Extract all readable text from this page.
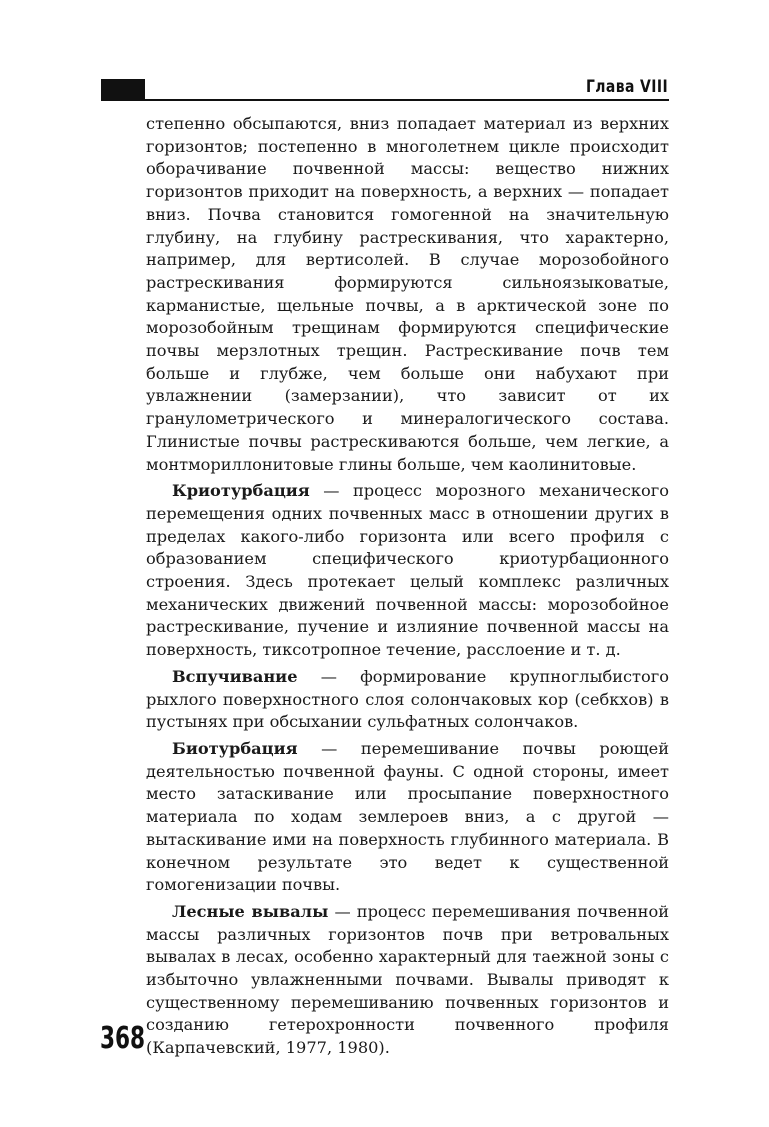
Глава VIII

степенно обсыпаются, вниз попадает материал из верхних горизонтов; постепенно в многолетнем цикле происходит оборачивание почвенной массы: вещество нижних горизонтов приходит на поверхность, а верхних — попадает вниз. Почва становится гомогенной на значительную глубину, на глубину растрескивания, что характерно, например, для вертисолей. В случае морозобойного растрескивания формируются сильноязыковатые, карманистые, щельные почвы, а в арктической зоне по морозобойным трещинам формируются специфические почвы мерзлотных трещин. Растрескивание почв тем больше и глубже, чем больше они набухают при увлажнении (замерзании), что зависит от их гранулометрического и минералогического состава. Глинистые почвы растрескиваются больше, чем легкие, а монтмориллонитовые глины больше, чем каолинитовые.

Криотурбация — процесс морозного механического перемещения одних почвенных масс в отношении других в пределах какого-либо горизонта или всего профиля с образованием специфического криотурбационного строения. Здесь протекает целый комплекс различных механических движений почвенной массы: морозобойное растрескивание, пучение и излияние почвенной массы на поверхность, тиксотропное течение, расслоение и т. д.

Вспучивание — формирование крупноглыбистого рыхлого поверхностного слоя солончаковых кор (себкхов) в пустынях при обсыхании сульфатных солончаков.

Биотурбация — перемешивание почвы роющей деятельностью почвенной фауны. С одной стороны, имеет место затаскивание или просыпание поверхностного материала по ходам землероев вниз, а с другой — вытаскивание ими на поверхность глубинного материала. В конечном результате это ведет к существенной гомогенизации почвы.

Лесные вывалы — процесс перемешивания почвенной массы различных горизонтов почв при ветровальных вывалах в лесах, особенно характерный для таежной зоны с избыточно увлажненными почвами. Вывалы приводят к существенному перемешиванию почвенных горизонтов и созданию гетерохронности почвенного профиля (Карпачевский, 1977, 1980).

368
